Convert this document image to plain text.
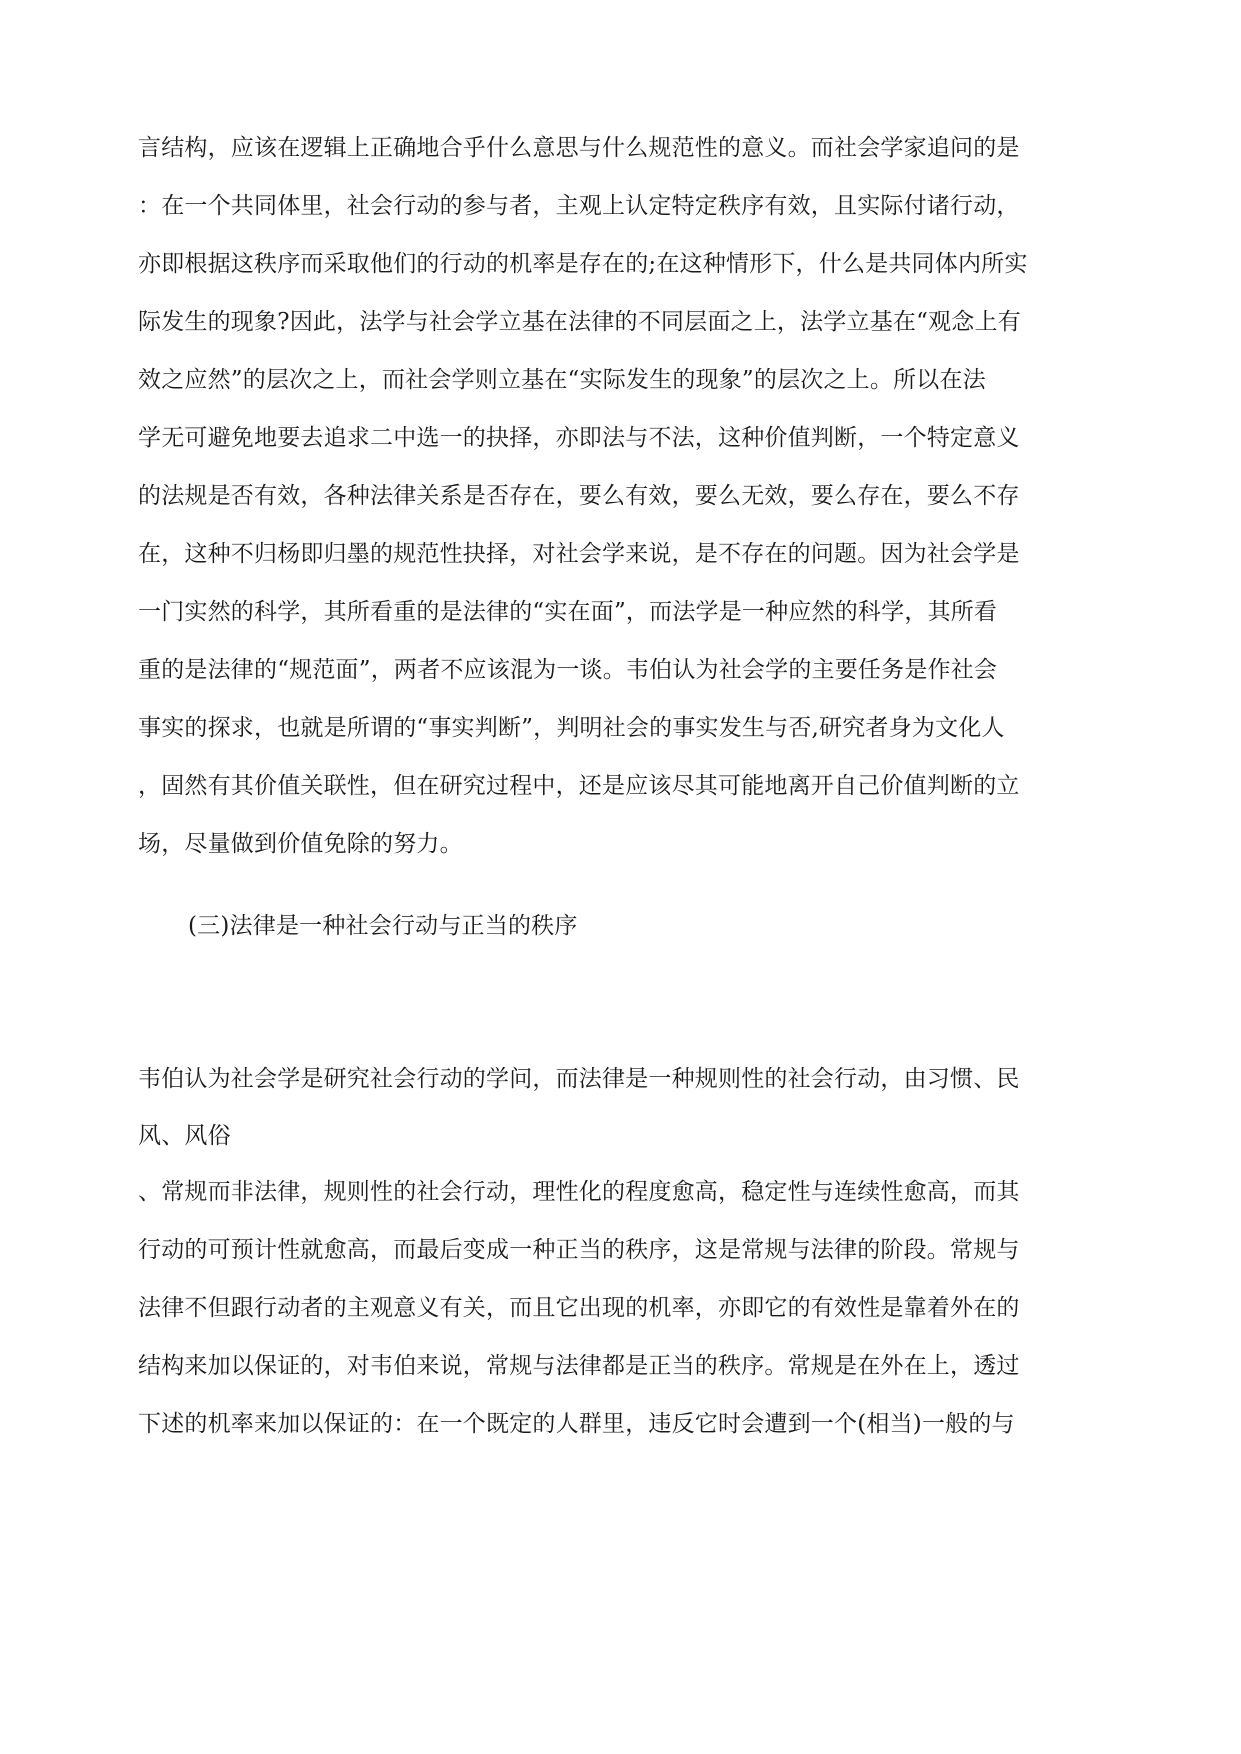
言结构，应该在逻辑上正确地合乎什么意思与什么规范性的意义。而社会学家追问的是
：在一个共同体里，社会行动的参与者，主观上认定特定秩序有效，且实际付诸行动，
亦即根据这秩序而采取他们的行动的机率是存在的;在这种情形下，什么是共同体内所实
际发生的现象?因此，法学与社会学立基在法律的不同层面之上，法学立基在“观念上有
效之应然”的层次之上，而社会学则立基在“实际发生的现象”的层次之上。所以在法
学无可避免地要去追求二中选一的抉择，亦即法与不法，这种价值判断，一个特定意义
的法规是否有效，各种法律关系是否存在，要么有效，要么无效，要么存在，要么不存
在，这种不归杨即归墨的规范性抉择，对社会学来说，是不存在的问题。因为社会学是
一门实然的科学，其所看重的是法律的“实在面”，而法学是一种应然的科学，其所看
重的是法律的“规范面”，两者不应该混为一谈。韦伯认为社会学的主要任务是作社会
事实的探求，也就是所谓的“事实判断”，判明社会的事实发生与否,研究者身为文化人
，固然有其价值关联性，但在研究过程中，还是应该尽其可能地离开自己价值判断的立
场，尽量做到价值免除的努力。
(三)法律是一种社会行动与正当的秩序
韦伯认为社会学是研究社会行动的学问，而法律是一种规则性的社会行动，由习惯、民
风、风俗
、常规而非法律，规则性的社会行动，理性化的程度愈高，稳定性与连续性愈高，而其
行动的可预计性就愈高，而最后变成一种正当的秩序，这是常规与法律的阶段。常规与
法律不但跟行动者的主观意义有关，而且它出现的机率，亦即它的有效性是靠着外在的
结构来加以保证的，对韦伯来说，常规与法律都是正当的秩序。常规是在外在上，透过
下述的机率来加以保证的：在一个既定的人群里，违反它时会遭到一个(相当)一般的与
